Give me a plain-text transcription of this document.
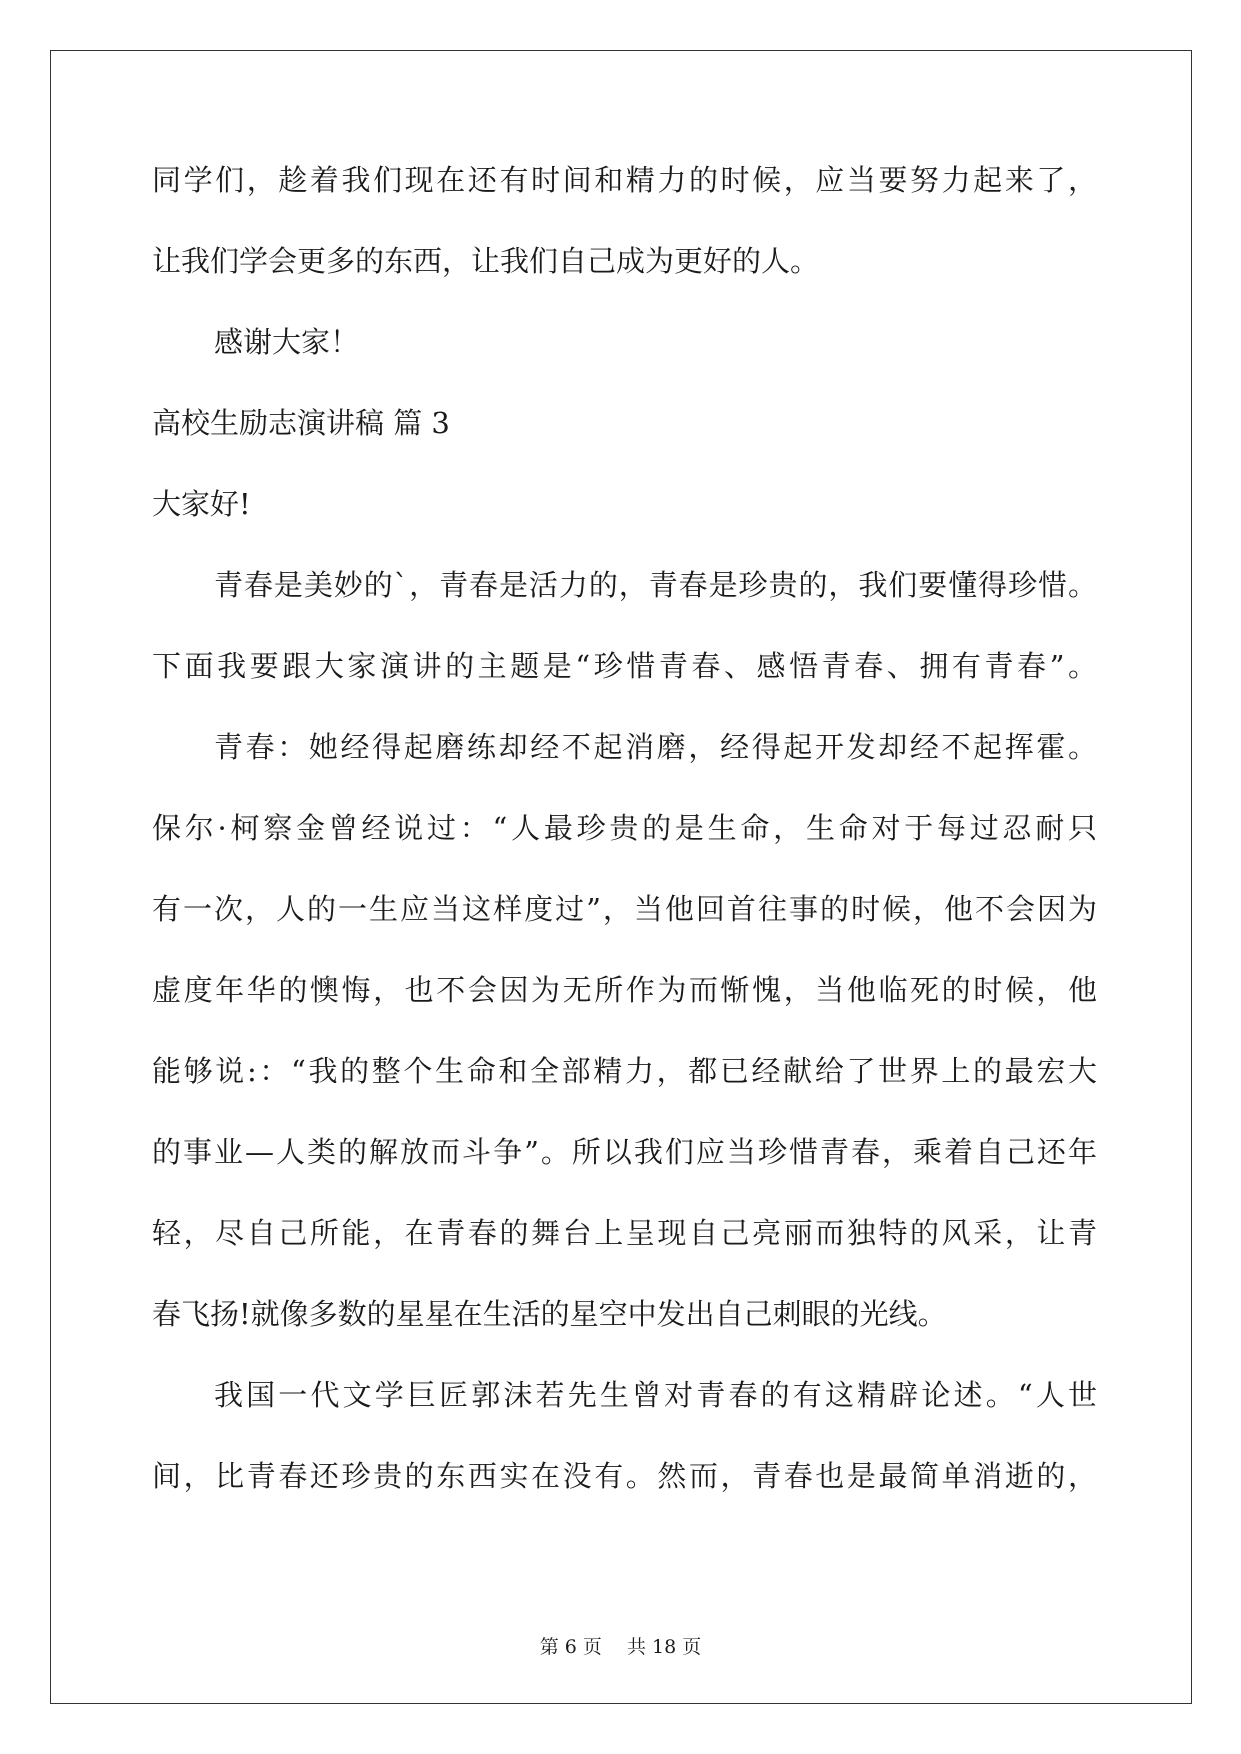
同学们，趁着我们现在还有时间和精力的时候，应当要努力起来了，
让我们学会更多的东西，让我们自己成为更好的人。
感谢大家！
高校生励志演讲稿 篇 3
大家好!
青春是美妙的`，青春是活力的，青春是珍贵的，我们要懂得珍惜。
下面我要跟大家演讲的主题是“珍惜青春、感悟青春、拥有青春”。
青春：她经得起磨练却经不起消磨，经得起开发却经不起挥霍。
保尔·柯察金曾经说过：“人最珍贵的是生命，生命对于每过忍耐只
有一次，人的一生应当这样度过”，当他回首往事的时候，他不会因为
虚度年华的懊悔，也不会因为无所作为而惭愧，当他临死的时候，他
能够说:：“我的整个生命和全部精力，都已经献给了世界上的最宏大
的事业—人类的解放而斗争”。所以我们应当珍惜青春，乘着自己还年
轻，尽自己所能，在青春的舞台上呈现自己亮丽而独特的风采，让青
春飞扬!就像多数的星星在生活的星空中发出自己刺眼的光线。
我国一代文学巨匠郭沫若先生曾对青春的有这精辟论述。“人世
间，比青春还珍贵的东西实在没有。然而，青春也是最简单消逝的，
第 6 页　 共 18 页
